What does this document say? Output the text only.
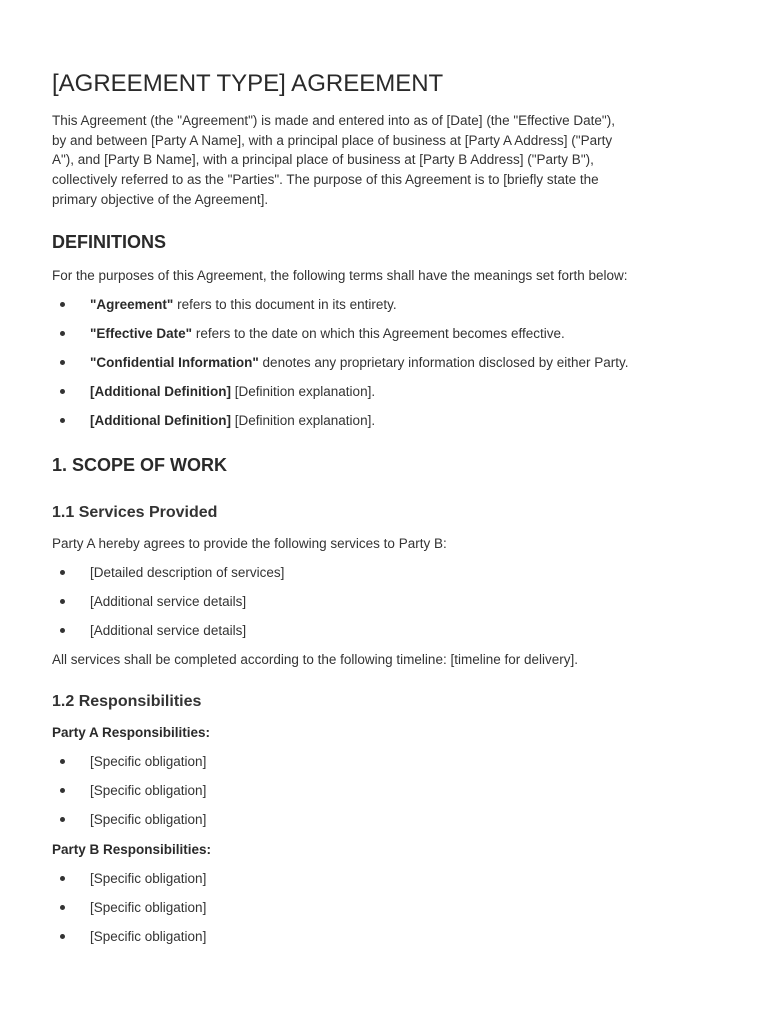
[AGREEMENT TYPE] AGREEMENT

This Agreement (the "Agreement") is made and entered into as of [Date] (the "Effective Date"),
by and between [Party A Name], with a principal place of business at [Party A Address] ("Party
A"), and [Party B Name], with a principal place of business at [Party B Address] ("Party B"),
collectively referred to as the "Parties". The purpose of this Agreement is to [briefly state the
primary objective of the Agreement].

DEFINITIONS

For the purposes of this Agreement, the following terms shall have the meanings set forth below:

"Agreement" refers to this document in its entirety.
"Effective Date" refers to the date on which this Agreement becomes effective.
"Confidential Information" denotes any proprietary information disclosed by either Party.
[Additional Definition] [Definition explanation].
[Additional Definition] [Definition explanation].
1. SCOPE OF WORK
1.1 Services Provided

Party A hereby agrees to provide the following services to Party B:

[Detailed description of services]
[Additional service details]
[Additional service details]

All services shall be completed according to the following timeline: [timeline for delivery].

1.2 Responsibilities

Party A Responsibilities:

[Specific obligation]
[Specific obligation]
[Specific obligation]

Party B Responsibilities:

[Specific obligation]
[Specific obligation]
[Specific obligation]
